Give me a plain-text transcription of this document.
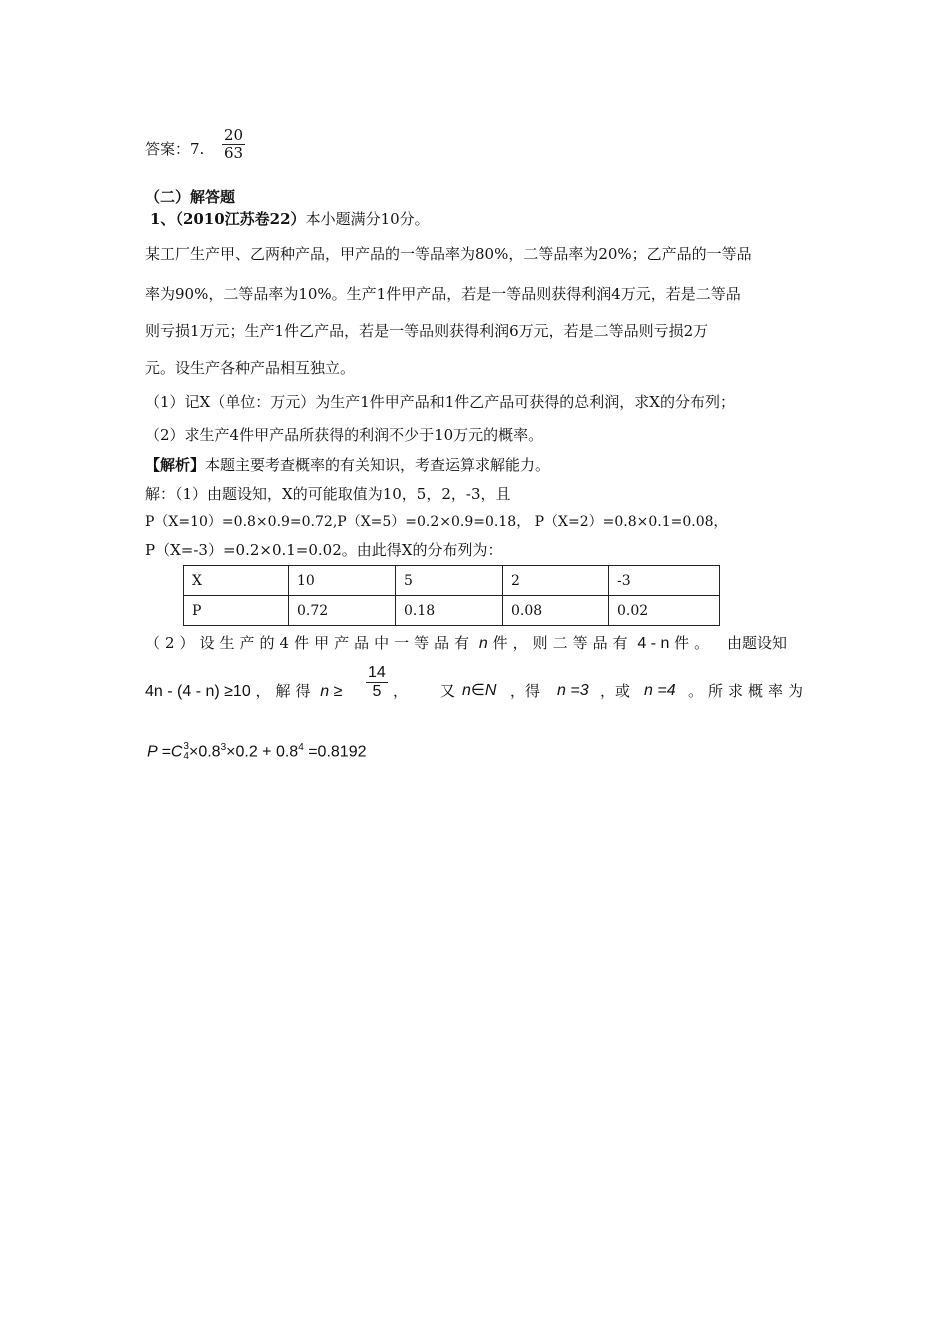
答案：7. $\frac{20}{63}$
（二）解答题
1、（2010江苏卷22）本小题满分10分。
某工厂生产甲、乙两种产品，甲产品的一等品率为80%，二等品率为20%；乙产品的一等品
率为90%，二等品率为10%。生产1件甲产品，若是一等品则获得利润4万元，若是二等品
则亏损1万元；生产1件乙产品，若是一等品则获得利润6万元，若是二等品则亏损2万
元。设生产各种产品相互独立。
（1）记X（单位：万元）为生产1件甲产品和1件乙产品可获得的总利润，求X的分布列；
（2）求生产4件甲产品所获得的利润不少于10万元的概率。
【解析】本题主要考查概率的有关知识，考查运算求解能力。
解：（1）由题设知，X的可能取值为10，5，2，-3，且
P（X=10）=0.8×0.9=0.72,P（X=5）=0.2×0.9=0.18， P（X=2）=0.8×0.1=0.08，
P（X=-3）=0.2×0.1=0.02。由此得X的分布列为：
X	10	5	2	-3
P	0.72	0.18	0.08	0.02
（2）设生产的4件甲产品中一等品有 n 件，则二等品有 4 - n 件。 由题设知
4n - (4 - n) ≥10 ，解得 $n \ge \frac{14}{5}$ ， 又 n∈N ，得 n =3 ，或 n =4 。所求概率为
P =C 3
$4 \times 0.8^3\times 0.2 + 0.8^4 =0.8192$
